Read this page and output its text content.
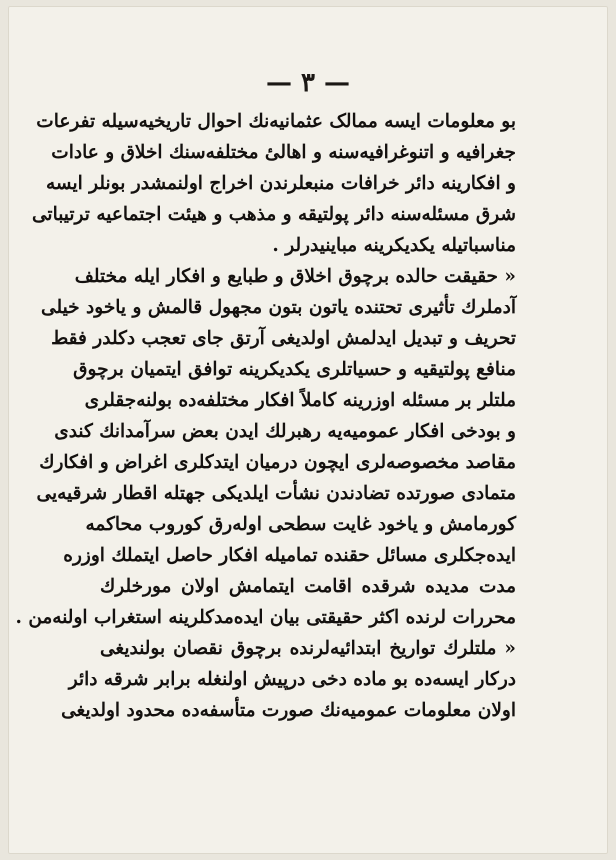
— ٣ —
بو معلومات ایسه ممالک عثمانیه‌نك احوال تاریخیه‌سیله تفرعات
جغرافیه و اتنوغرافیه‌سنه و اهالیٔ مختلفه‌سنك اخلاق و عادات
و افکارینه دائر خرافات منبعلرندن اخراج اولنمشدر بونلر ایسه
شرق مسئله‌سنه دائر پولتیقه و مذهب و هیئت اجتماعیه ترتیباتی
مناسباتیله یکدیکرینه مباینیدرلر .
« حقیقت حالده برچوق اخلاق و طبایع و افکار ایله مختلف
آدملرك تأثیری تحتنده یاتون بتون مجهول قالمش و یاخود خیلی
تحریف و تبدیل ایدلمش اولدیغی آرتق جای تعجب دکلدر فقط
منافع پولتیقیه و حسیاتلری یکدیکرینه توافق ایتمیان برچوق
ملتلر بر مسئله اوزرینه کاملاً افکار مختلفه‌ده بولنه‌جقلری
و بودخی افکار عمومیه‌یه رهبرلك ایدن بعض سرآمدانك کندی
مقاصد مخصوصه‌لری ایچون درمیان ایتدکلری اغراض و افکارك
متمادی صورتده تضادندن نشأت ایلدیکی جهتله اقطار شرقیه‌یی
کورمامش و یاخود غایت سطحی اولەرق کوروب محاکمه
ایده‌جکلری مسائل حقنده تماميله افکار حاصل ایتملك اوزره
مدت مدیده شرقده اقامت ایتمامش اولان مورخلرك
محررات لرنده اکثر حقیقتی بیان ایده‌مدکلرینه استغراب اولنه‌من .
« ملتلرك تواریخ ابتدائیه‌لرنده برچوق نقصان بولندیغی
درکار ایسه‌ده بو ماده دخی درپیش اولنغله برابر شرقه دائر
اولان معلومات عمومیه‌نك صورت متأسفه‌ده محدود اولدیغی
